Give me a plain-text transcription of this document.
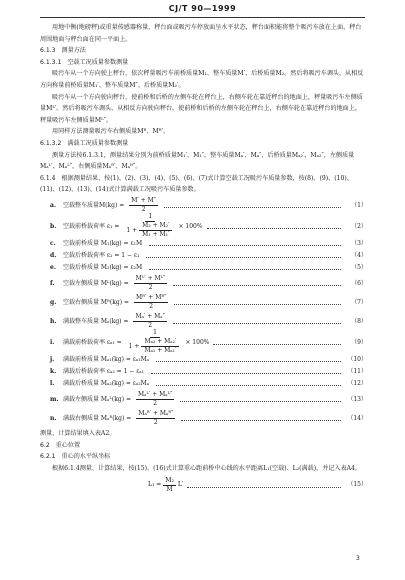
CJ/T 90—1999

用地中衡(地磅秤)或重量传感器称量，秤台面或吸污车停放面呈水平状态，秤台面积能将整个吸污车放在上面，秤台周围地面与秤台面在同一平面上。

6.1.3 测量方法

6.1.3.1 空载工况质量参数测量

吸污车从一个方向驶上秤台，依次秤量吸污车前桥质量M₁、整车质量M′、后桥质量M₂。然后将吸污车调头，从相反方向称量前桥质量M₁′、整车质量M″、后桥质量M₂′。

吸污车从一个方向驶向秤台，使前桥和后桥的左侧车轮在秤台上，右侧车轮在靠近秤台的地面上，秤量吸污车左侧质量Mᴸ′。然后将吸污车调头，从相反方向驶向秤台，使前桥和后桥的左侧车轮在秤台上，右侧车轮在靠近秤台的地面上，秤量吸污车左侧质量Mᴸ″。

用同样方法测量吸污车右侧质量Mᴿ、Mᴿ′。

6.1.3.2 满载工况质量参数测量

测量方法按6.1.3.1，测量结果分别为前桥质量M₁′、M₁″，整车质量Mₐ′、Mₐ″，后桥质量Mₐ₂′、Mₐ₂″，左侧质量Mₐᴸ′、Mₐᴸ″，右侧质量Mₐᴿ′、Mₐᴿ″。

6.1.4 根据测量结果，按(1)、(2)、(3)、(4)、(5)、(6)、(7)式计算空载工况吸污车质量参数，按(8)、(9)、(10)、(11)、(12)、(13)、(14)式计算满载工况吸污车质量参数。

a.	空载整车质量$M(kg) = \frac{M' + M''}{2}$	（1）
b.	空载前桥载荷率 $\varepsilon_1 = \frac{1}{1 + \frac{\text{M₂ + M₂′}}{\text{M₁ + M₁′}}} \times 100\%$	（2）
c.	空载前桥质量 M₁(kg) = ε₁M	（3）
d.	空载后桥载荷率 ε₂ = 1 − ε₁	（4）
e.	空载后桥质量 M₂(kg) = ε₂M	（5）
f.	空载左侧质量 Mᴸ(kg) = $\frac{\text{Mᴸ′ + Mᴸ″}}{2}$	（6）
g.	空载右侧质量 Mᴿ(kg) = $\frac{\text{Mᴿ′ + Mᴿ″}}{2}$	（7）
h.	满载整车质量 $M_a(kg) = \frac{\text{Mₐ′ + Mₐ″}}{2}$	（8）
i.	满载前桥载荷率 $\varepsilon_{a1} = \frac{1}{1 + \frac{\text{Mₐ₂ + Mₐ₂′}}{\text{Mₐ₁ + Mₐ₁′}}} \times 100\%$	（9）
j.	满载前桥质量 Mₐ₁(kg) = εₐ₁Mₐ	（10）
k.	满载后桥载荷率 εₐ₂ = 1 − εₐ₁	（11）
l.	满载后桥质量 Mₐ₂(kg) = εₐ₂Mₐ	（12）
m. 满载左侧质量 Mₐᴸ(kg) = $\frac{\text{Mₐᴸ′ + Mₐᴸ″}}{2}$	（13）
n.	满载右侧质量 Mₐᴿ(kg) = $\frac{\text{Mₐᴿ′ + Mₐᴿ″}}{2}$	（14）

测量、计算结果填入表A2。

6.2 重心位置

6.2.1 重心的水平纵坐标

根据6.1.4测量、计算结果，按(15)、(16)式计算重心距前桥中心线的水平距离L₁(空载)、L₂(满载)，并记入表A4。

$L_1 = \frac{\text{M₂}}{M} L'$	（15）
3
